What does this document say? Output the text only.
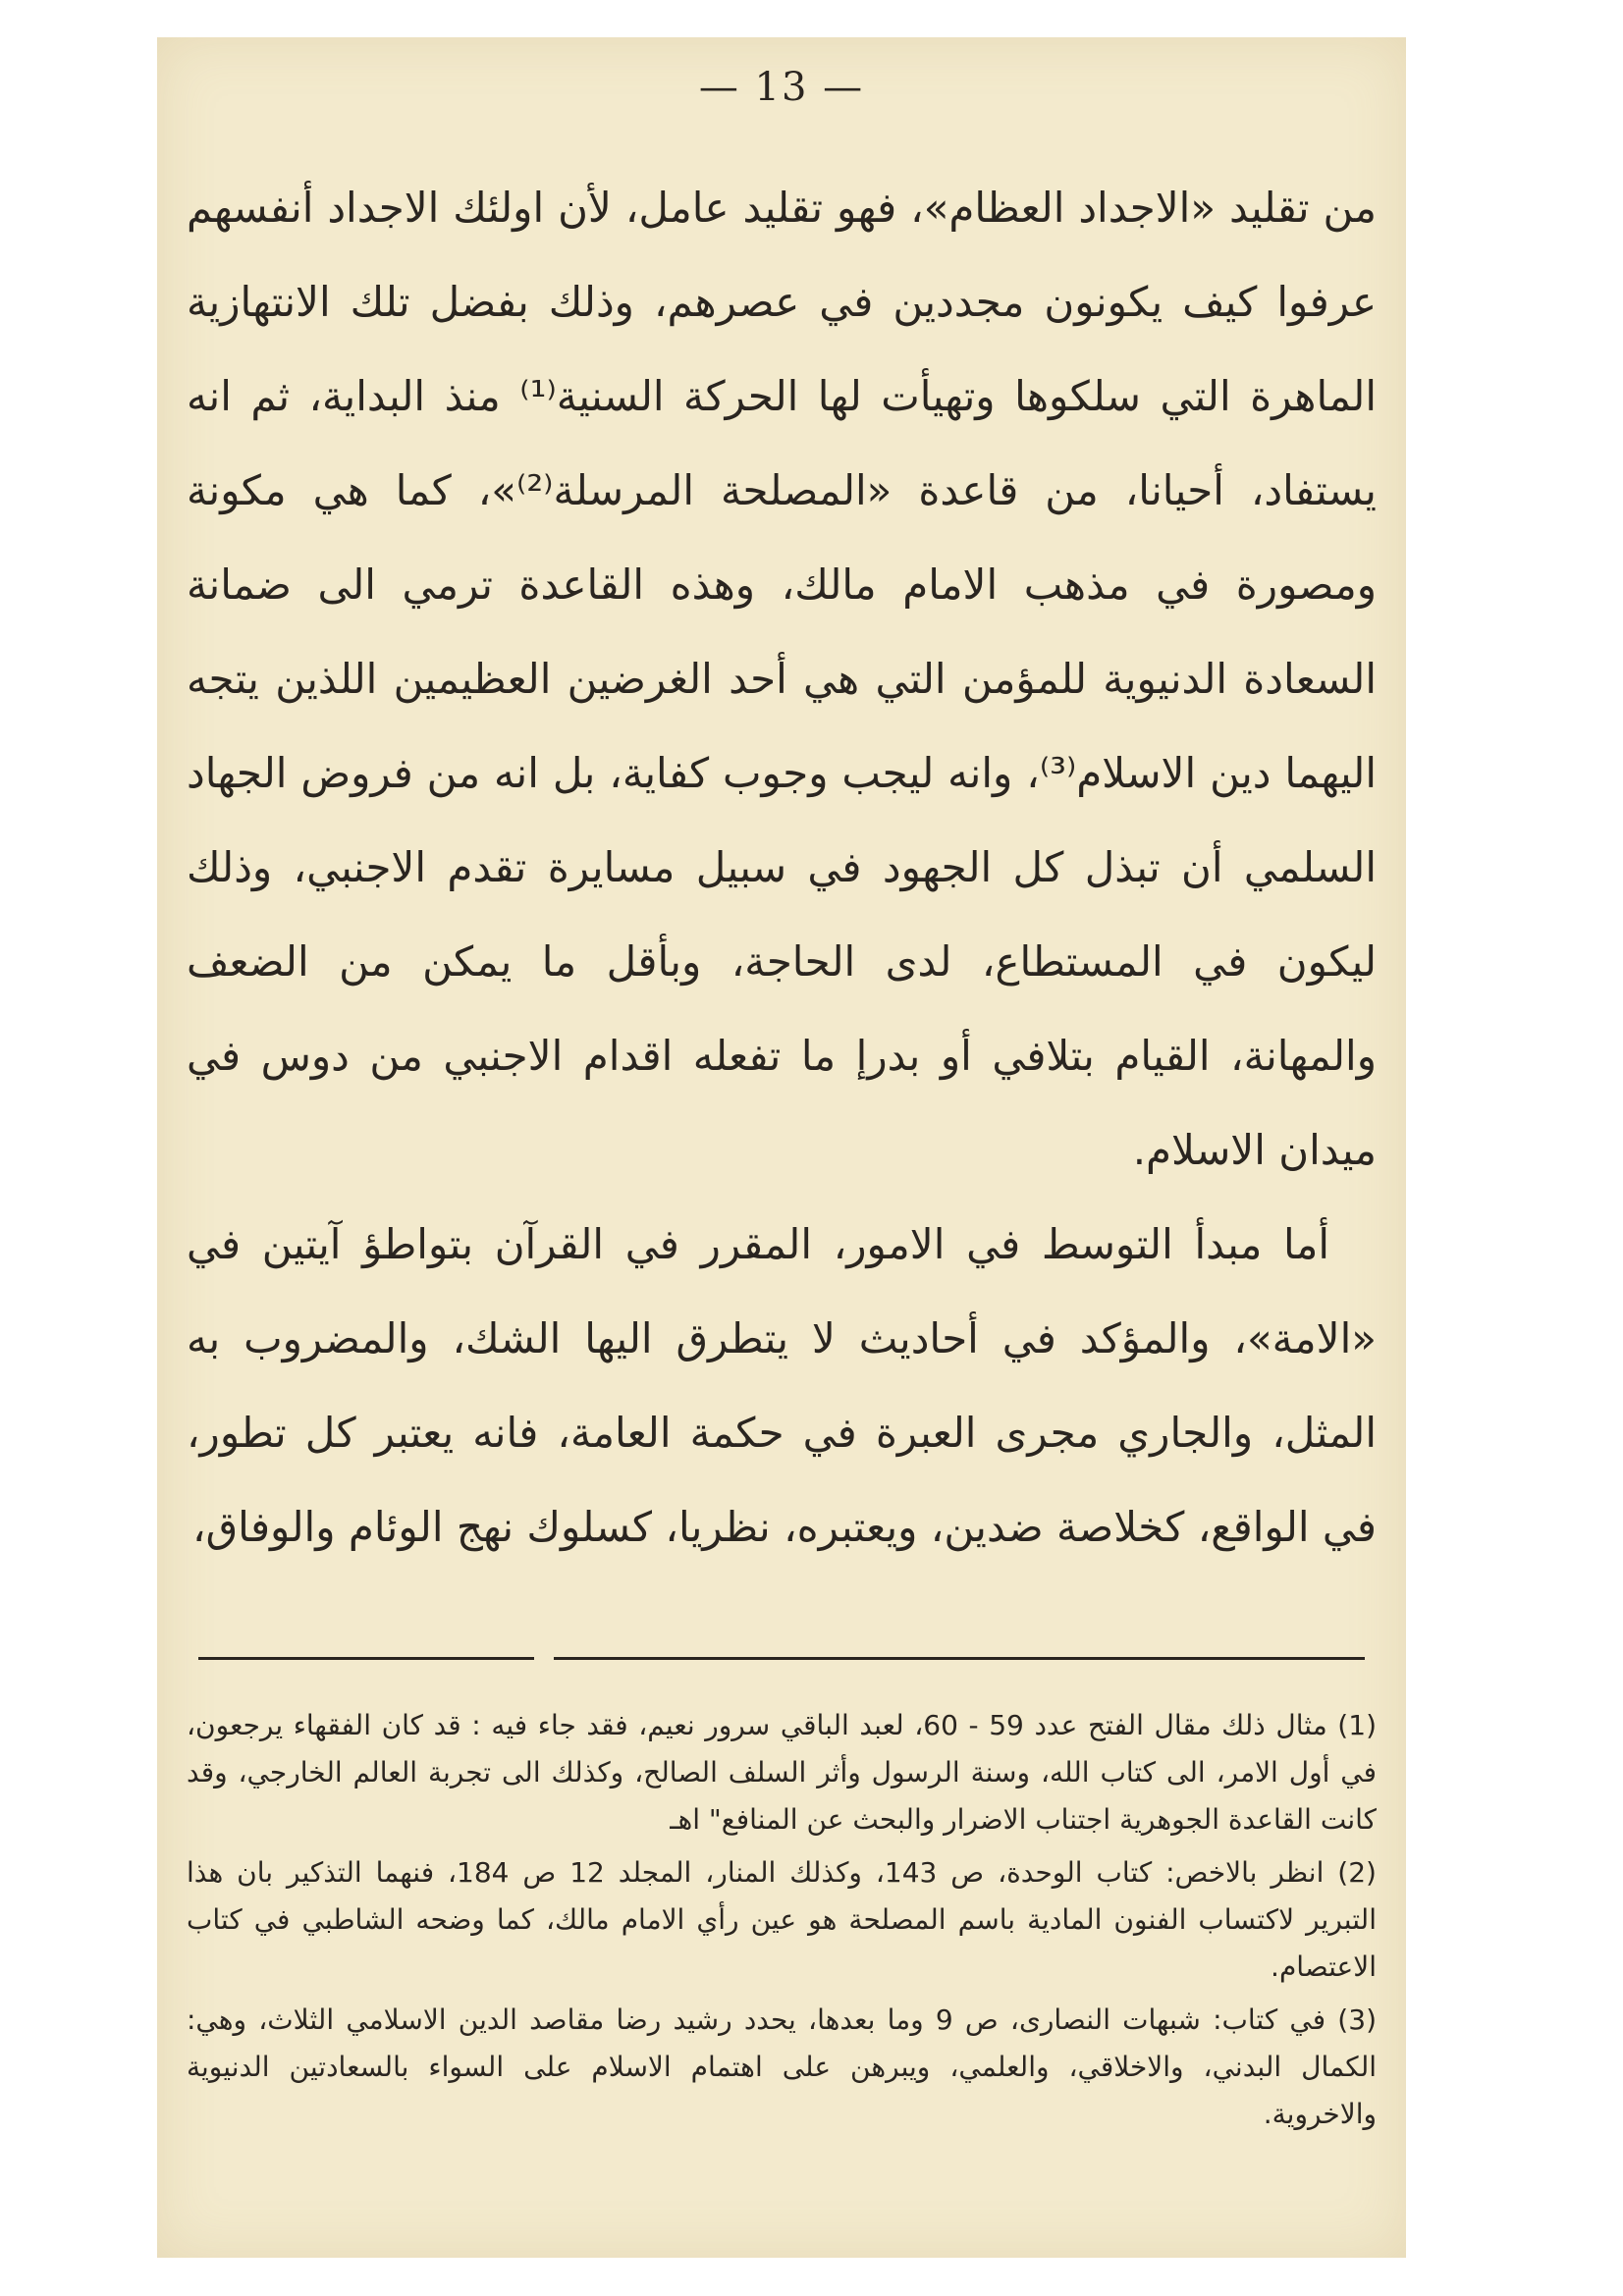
— 13 —

من تقليد «الاجداد العظام»، فهو تقليد عامل، لأن اولئك الاجداد أنفسهم عرفوا كيف يكونون مجددين في عصرهم، وذلك بفضل تلك الانتهازية الماهرة التي سلكوها وتهيأت لها الحركة السنية⁽¹⁾ منذ البداية، ثم انه يستفاد، أحيانا، من قاعدة «المصلحة المرسلة⁽²⁾»، كما هي مكونة ومصورة في مذهب الامام مالك، وهذه القاعدة ترمي الى ضمانة السعادة الدنيوية للمؤمن التي هي أحد الغرضين العظيمين اللذين يتجه اليهما دين الاسلام⁽³⁾، وانه ليجب وجوب كفاية، بل انه من فروض الجهاد السلمي أن تبذل كل الجهود في سبيل مسايرة تقدم الاجنبي، وذلك ليكون في المستطاع، لدى الحاجة، وبأقل ما يمكن من الضعف والمهانة، القيام بتلافي أو بدرإ ما تفعله اقدام الاجنبي من دوس في ميدان الاسلام.

أما مبدأ التوسط في الامور، المقرر في القرآن بتواطؤ آيتين في «الامة»، والمؤكد في أحاديث لا يتطرق اليها الشك، والمضروب به المثل، والجاري مجرى العبرة في حكمة العامة، فانه يعتبر كل تطور، في الواقع، كخلاصة ضدين، ويعتبره، نظريا، كسلوك نهج الوئام والوفاق،

(1) مثال ذلك مقال الفتح عدد 59 - 60، لعبد الباقي سرور نعيم، فقد جاء فيه : قد كان الفقهاء يرجعون، في أول الامر، الى كتاب الله، وسنة الرسول وأثر السلف الصالح، وكذلك الى تجربة العالم الخارجي، وقد كانت القاعدة الجوهرية اجتناب الاضرار والبحث عن المنافع" اهـ

(2) انظر بالاخص: كتاب الوحدة، ص 143، وكذلك المنار، المجلد 12 ص 184، فنهما التذكير بان هذا التبرير لاكتساب الفنون المادية باسم المصلحة هو عين رأي الامام مالك، كما وضحه الشاطبي في كتاب الاعتصام.

(3) في كتاب: شبهات النصارى، ص 9 وما بعدها، يحدد رشيد رضا مقاصد الدين الاسلامي الثلاث، وهي: الكمال البدني، والاخلاقي، والعلمي، ويبرهن على اهتمام الاسلام على السواء بالسعادتين الدنيوية والاخروية.
